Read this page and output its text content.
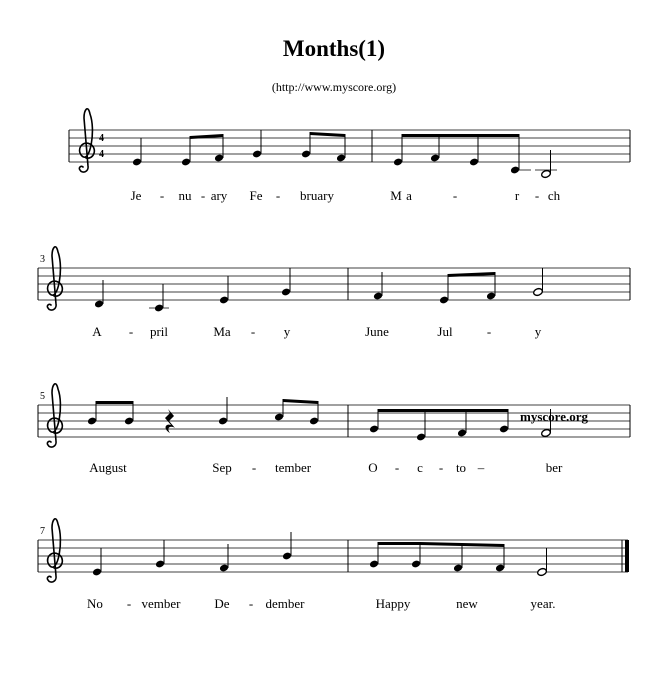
Months(1)
(http://www.myscore.org)
4
4
Je - nu - ary Fe - bruary	M a	-	r - ch
3
A - pril	Ma - y	June	Jul	-	y
5
myscore.org
August	Sep - tember	O - c - to –	ber
7
No - vember	De - dember	Happy	new	year.
